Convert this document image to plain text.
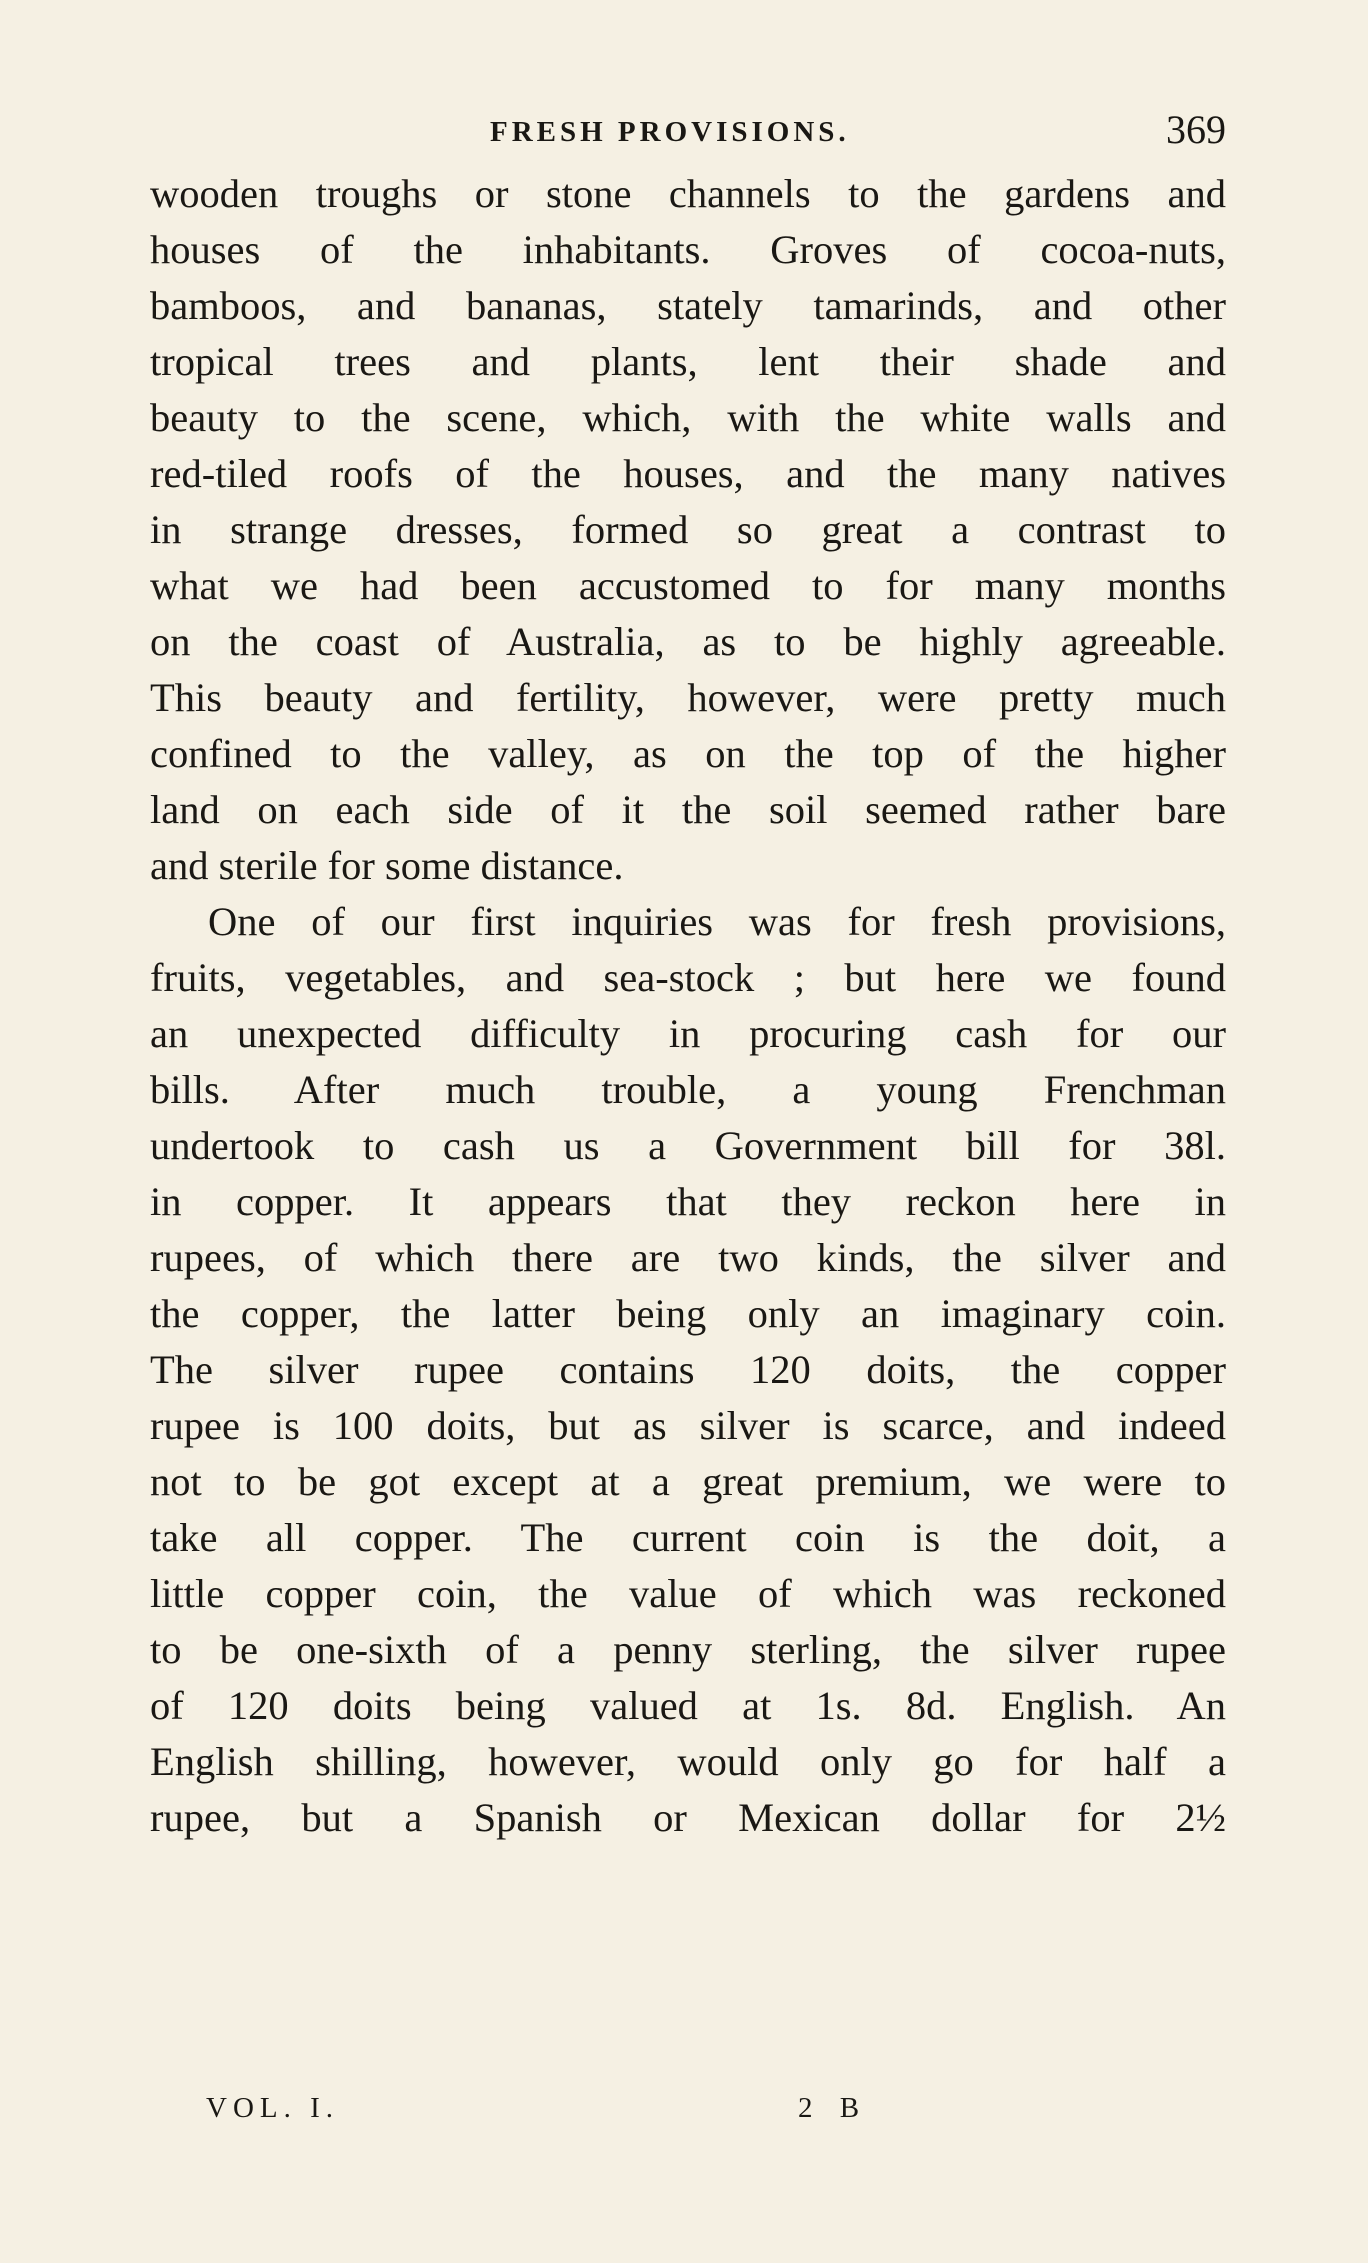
FRESH PROVISIONS.	369
wooden troughs or stone channels to the gardens and
houses of the inhabitants. Groves of cocoa-nuts,
bamboos, and bananas, stately tamarinds, and other
tropical trees and plants, lent their shade and
beauty to the scene, which, with the white walls and
red-tiled roofs of the houses, and the many natives
in strange dresses, formed so great a contrast to
what we had been accustomed to for many months
on the coast of Australia, as to be highly agreeable.
This beauty and fertility, however, were pretty much
confined to the valley, as on the top of the higher
land on each side of it the soil seemed rather bare
and sterile for some distance.
One of our first inquiries was for fresh provisions,
fruits, vegetables, and sea-stock ; but here we found
an unexpected difficulty in procuring cash for our
bills. After much trouble, a young Frenchman
undertook to cash us a Government bill for 38l.
in copper. It appears that they reckon here in
rupees, of which there are two kinds, the silver and
the copper, the latter being only an imaginary coin.
The silver rupee contains 120 doits, the copper
rupee is 100 doits, but as silver is scarce, and indeed
not to be got except at a great premium, we were to
take all copper. The current coin is the doit, a
little copper coin, the value of which was reckoned
to be one-sixth of a penny sterling, the silver rupee
of 120 doits being valued at 1s. 8d. English. An
English shilling, however, would only go for half a
rupee, but a Spanish or Mexican dollar for 2½
VOL. I.	2 B
